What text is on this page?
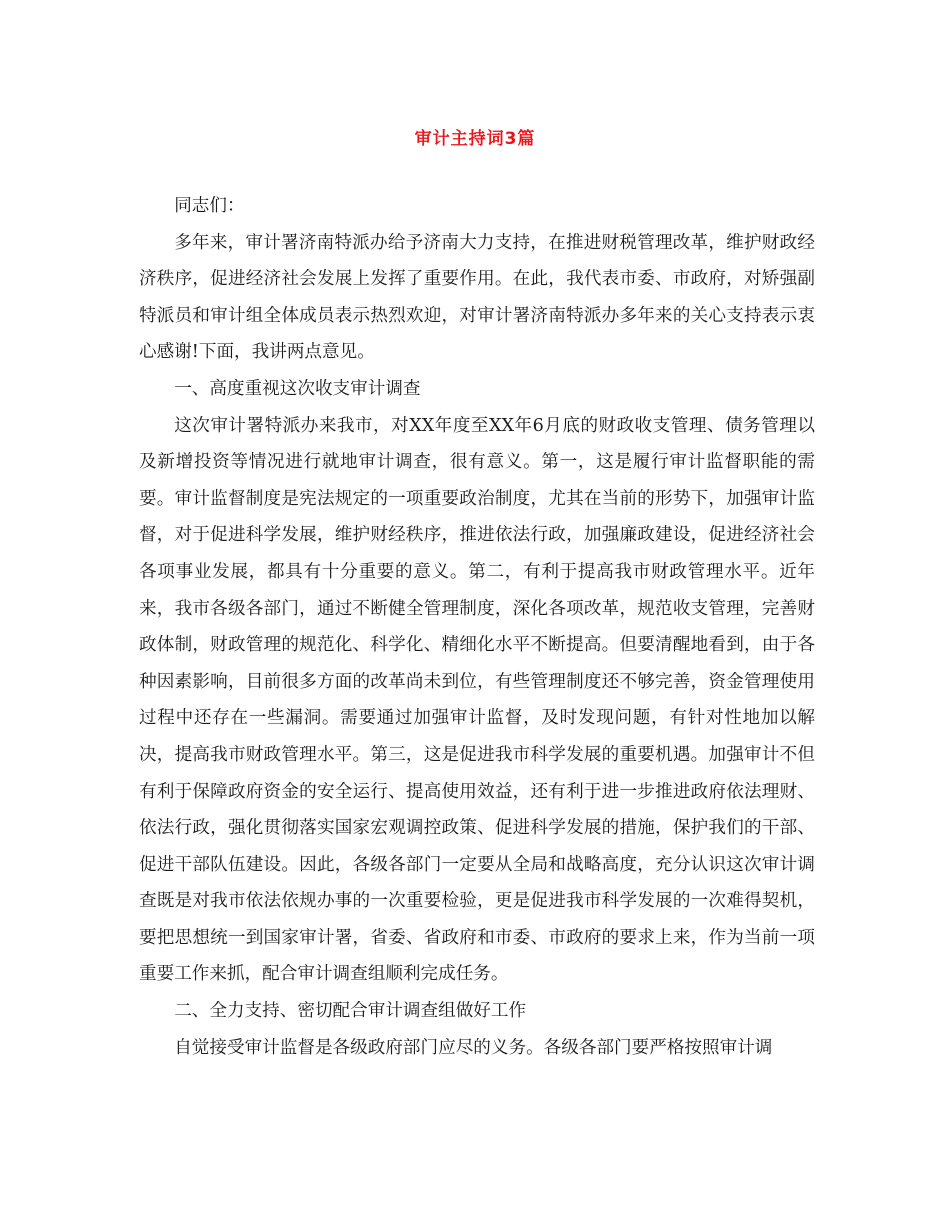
审计主持词3篇

同志们：

多年来，审计署济南特派办给予济南大力支持，在推进财税管理改革，维护财政经济秩序，促进经济社会发展上发挥了重要作用。在此，我代表市委、市政府，对矫强副特派员和审计组全体成员表示热烈欢迎，对审计署济南特派办多年来的关心支持表示衷心感谢!下面，我讲两点意见。

一、高度重视这次收支审计调查

这次审计署特派办来我市，对XX年度至XX年6月底的财政收支管理、债务管理以及新增投资等情况进行就地审计调查，很有意义。第一，这是履行审计监督职能的需要。审计监督制度是宪法规定的一项重要政治制度，尤其在当前的形势下，加强审计监督，对于促进科学发展，维护财经秩序，推进依法行政，加强廉政建设，促进经济社会各项事业发展，都具有十分重要的意义。第二，有利于提高我市财政管理水平。近年来，我市各级各部门，通过不断健全管理制度，深化各项改革，规范收支管理，完善财政体制，财政管理的规范化、科学化、精细化水平不断提高。但要清醒地看到，由于各种因素影响，目前很多方面的改革尚未到位，有些管理制度还不够完善，资金管理使用过程中还存在一些漏洞。需要通过加强审计监督，及时发现问题，有针对性地加以解决，提高我市财政管理水平。第三，这是促进我市科学发展的重要机遇。加强审计不但有利于保障政府资金的安全运行、提高使用效益，还有利于进一步推进政府依法理财、依法行政，强化贯彻落实国家宏观调控政策、促进科学发展的措施，保护我们的干部、促进干部队伍建设。因此，各级各部门一定要从全局和战略高度，充分认识这次审计调查既是对我市依法依规办事的一次重要检验，更是促进我市科学发展的一次难得契机，要把思想统一到国家审计署，省委、省政府和市委、市政府的要求上来，作为当前一项重要工作来抓，配合审计调查组顺利完成任务。

二、全力支持、密切配合审计调查组做好工作

自觉接受审计监督是各级政府部门应尽的义务。各级各部门要严格按照审计调
